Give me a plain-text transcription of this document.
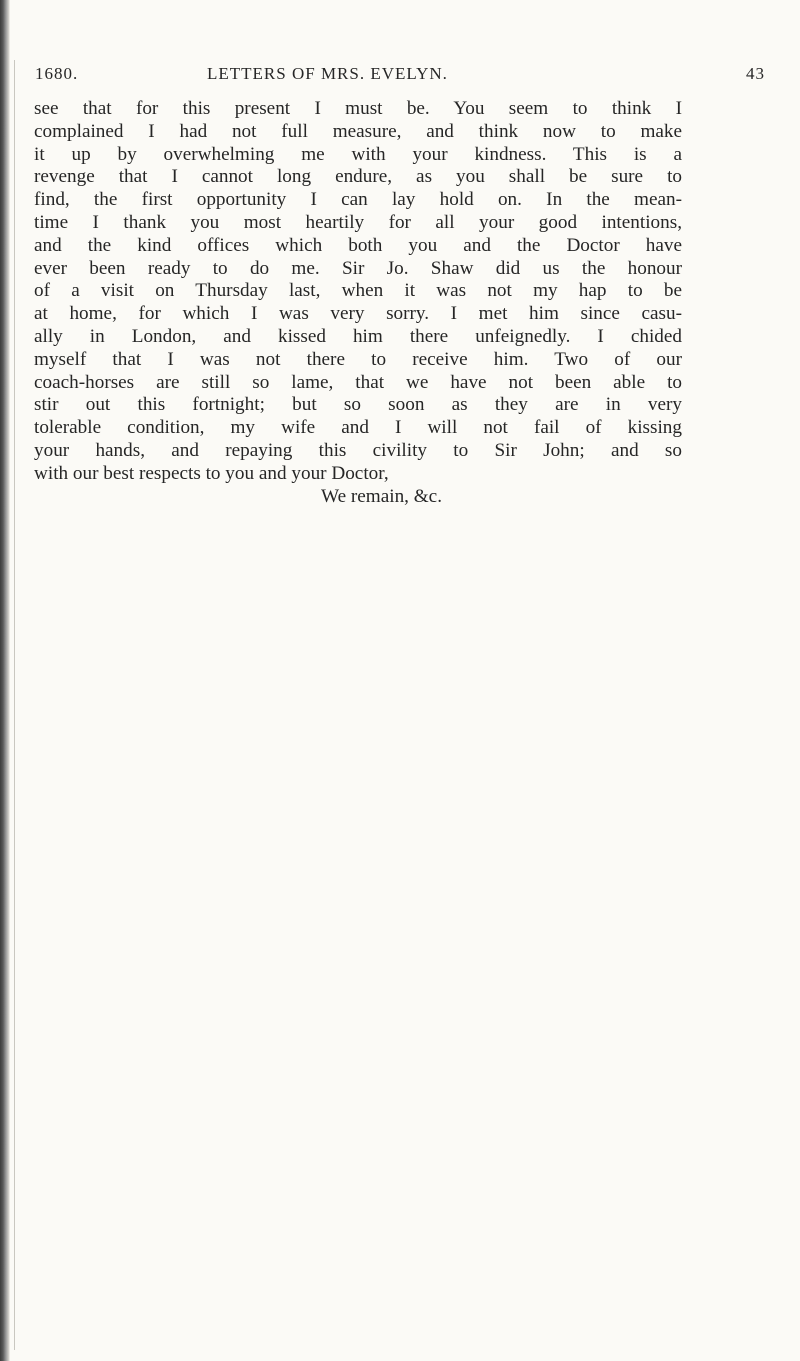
1680.	LETTERS OF MRS. EVELYN.	43
see that for this present I must be. You seem to think I
complained I had not full measure, and think now to make
it up by overwhelming me with your kindness. This is a
revenge that I cannot long endure, as you shall be sure to
find, the first opportunity I can lay hold on. In the mean-
time I thank you most heartily for all your good intentions,
and the kind offices which both you and the Doctor have
ever been ready to do me. Sir Jo. Shaw did us the honour
of a visit on Thursday last, when it was not my hap to be
at home, for which I was very sorry. I met him since casu-
ally in London, and kissed him there unfeignedly. I chided
myself that I was not there to receive him. Two of our
coach-horses are still so lame, that we have not been able to
stir out this fortnight; but so soon as they are in very
tolerable condition, my wife and I will not fail of kissing
your hands, and repaying this civility to Sir John; and so
with our best respects to you and your Doctor,
We remain, &c.
